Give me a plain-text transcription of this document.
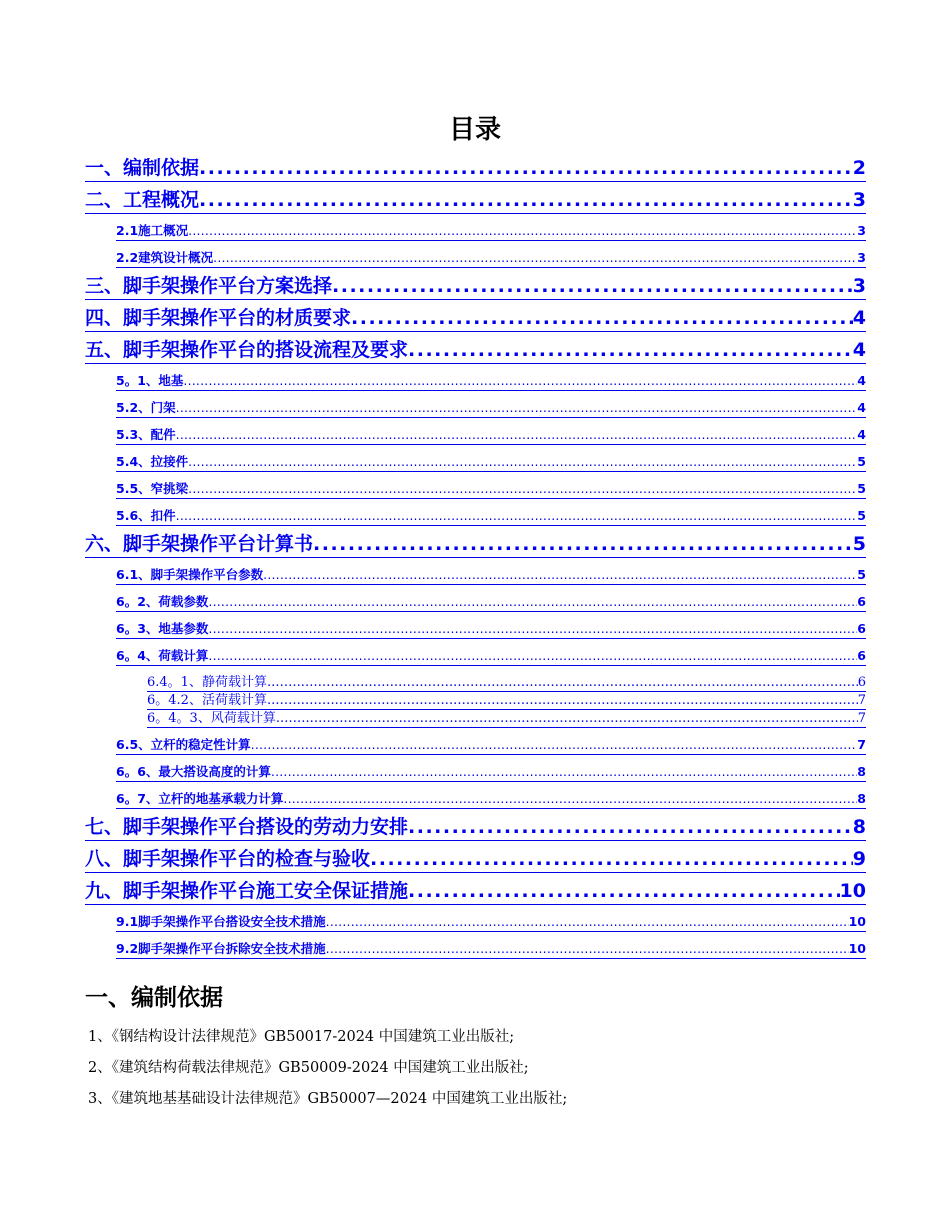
目录
一、编制依据 .....	2
二、工程概况 .....	3
2.1施工概况 .....	3
2.2建筑设计概况 .....	3
三、脚手架操作平台方案选择 .....	3
四、脚手架操作平台的材质要求 .....	4
五、脚手架操作平台的搭设流程及要求 .....	4
5。1、地基 .....	4
5.2、门架 .....	4
5.3、配件 .....	4
5.4、拉接件 .....	5
5.5、窄挑梁 .....	5
5.6、扣件 .....	5
六、脚手架操作平台计算书 .....	5
6.1、脚手架操作平台参数 .....	5
6。2、荷载参数 .....	6
6。3、地基参数 .....	6
6。4、荷载计算 .....	6
6.4。1、静荷载计算 .....	6
6。4.2、活荷载计算 .....	7
6。4。3、风荷载计算 .....	7
6.5、立杆的稳定性计算 .....	7
6。6、最大搭设高度的计算 .....	8
6。7、立杆的地基承载力计算 .....	8
七、脚手架操作平台搭设的劳动力安排 .....	8
八、脚手架操作平台的检查与验收 .....	9
九、脚手架操作平台施工安全保证措施 .....	10
9.1脚手架操作平台搭设安全技术措施 .....	10
9.2脚手架操作平台拆除安全技术措施 .....	10
一、编制依据
1、《钢结构设计法律规范》GB50017-2024 中国建筑工业出版社;
2、《建筑结构荷载法律规范》GB50009-2024 中国建筑工业出版社;
3、《建筑地基基础设计法律规范》GB50007—2024 中国建筑工业出版社;
